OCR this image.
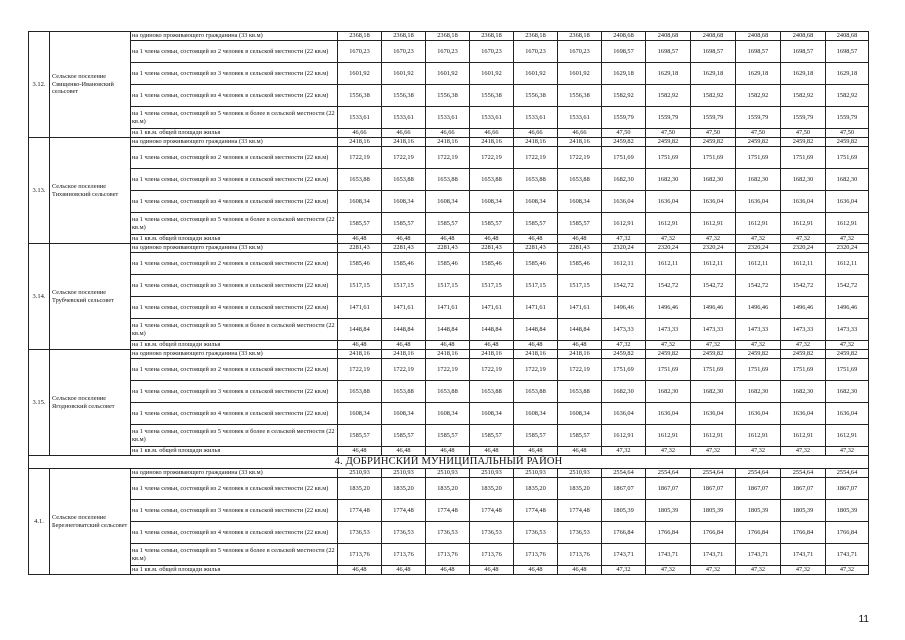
3.12.	Сельское поселение Свищенко-Ивановский сельсовет	на одиноко проживающего гражданина (33 кв.м)	2368,18	2368,18	2368,18	2368,18	2368,18	2368,18	2408,68	2408,68	2408,68	2408,68	2408,68	2408,68
		на 1 члена семьи, состоящей из 2 человек в сельской местности (22 кв.м)	1670,23	1670,23	1670,23	1670,23	1670,23	1670,23	1698,57	1698,57	1698,57	1698,57	1698,57	1698,57
		на 1 члена семьи, состоящей из 3 человек в сельской местности (22 кв.м)	1601,92	1601,92	1601,92	1601,92	1601,92	1601,92	1629,18	1629,18	1629,18	1629,18	1629,18	1629,18
		на 1 члена семьи, состоящей из 4 человек в сельской местности (22 кв.м)	1556,38	1556,38	1556,38	1556,38	1556,38	1556,38	1582,92	1582,92	1582,92	1582,92	1582,92	1582,92
		на 1 члена семьи, состоящей из 5 человек и более в сельской местности (22 кв.м)	1533,61	1533,61	1533,61	1533,61	1533,61	1533,61	1559,79	1559,79	1559,79	1559,79	1559,79	1559,79
		на 1 кв.м. общей площади жилья	46,66	46,66	46,66	46,66	46,66	46,66	47,50	47,50	47,50	47,50	47,50	47,50
3.13.	Сельское поселение Тихвиновский сельсовет	на одиноко проживающего гражданина (33 кв.м)	2418,16	2418,16	2418,16	2418,16	2418,16	2418,16	2459,82	2459,82	2459,82	2459,82	2459,82	2459,82
		на 1 члена семьи, состоящей из 2 человек в сельской местности (22 кв.м)	1722,19	1722,19	1722,19	1722,19	1722,19	1722,19	1751,69	1751,69	1751,69	1751,69	1751,69	1751,69
		на 1 члена семьи, состоящей из 3 человек в сельской местности (22 кв.м)	1653,88	1653,88	1653,88	1653,88	1653,88	1653,88	1682,30	1682,30	1682,30	1682,30	1682,30	1682,30
		на 1 члена семьи, состоящей из 4 человек в сельской местности (22 кв.м)	1608,34	1608,34	1608,34	1608,34	1608,34	1608,34	1636,04	1636,04	1636,04	1636,04	1636,04	1636,04
		на 1 члена семьи, состоящей из 5 человек и более в сельской местности (22 кв.м)	1585,57	1585,57	1585,57	1585,57	1585,57	1585,57	1612,91	1612,91	1612,91	1612,91	1612,91	1612,91
		на 1 кв.м. общей площади жилья	46,48	46,48	46,48	46,48	46,48	46,48	47,32	47,32	47,32	47,32	47,32	47,32
3.14.	Сельское поселение Трубчевский сельсовет	на одиноко проживающего гражданина (33 кв.м)	2281,43	2281,43	2281,43	2281,43	2281,43	2281,43	2320,24	2320,24	2320,24	2320,24	2320,24	2320,24
		на 1 члена семьи, состоящей из 2 человек в сельской местности (22 кв.м)	1585,46	1585,46	1585,46	1585,46	1585,46	1585,46	1612,11	1612,11	1612,11	1612,11	1612,11	1612,11
		на 1 члена семьи, состоящей из 3 человек в сельской местности (22 кв.м)	1517,15	1517,15	1517,15	1517,15	1517,15	1517,15	1542,72	1542,72	1542,72	1542,72	1542,72	1542,72
		на 1 члена семьи, состоящей из 4 человек в сельской местности (22 кв.м)	1471,61	1471,61	1471,61	1471,61	1471,61	1471,61	1496,46	1496,46	1496,46	1496,46	1496,46	1496,46
		на 1 члена семьи, состоящей из 5 человек и более в сельской местности (22 кв.м)	1448,84	1448,84	1448,84	1448,84	1448,84	1448,84	1473,33	1473,33	1473,33	1473,33	1473,33	1473,33
		на 1 кв.м. общей площади жилья	46,48	46,48	46,48	46,48	46,48	46,48	47,32	47,32	47,32	47,32	47,32	47,32
3.15.	Сельское поселение Ягодновский сельсовет	на одиноко проживающего гражданина (33 кв.м)	2418,16	2418,16	2418,16	2418,16	2418,16	2418,16	2459,82	2459,82	2459,82	2459,82	2459,82	2459,82
		на 1 члена семьи, состоящей из 2 человек в сельской местности (22 кв.м)	1722,19	1722,19	1722,19	1722,19	1722,19	1722,19	1751,69	1751,69	1751,69	1751,69	1751,69	1751,69
		на 1 члена семьи, состоящей из 3 человек в сельской местности (22 кв.м)	1653,88	1653,88	1653,88	1653,88	1653,88	1653,88	1682,30	1682,30	1682,30	1682,30	1682,30	1682,30
		на 1 члена семьи, состоящей из 4 человек в сельской местности (22 кв.м)	1608,34	1608,34	1608,34	1608,34	1608,34	1608,34	1636,04	1636,04	1636,04	1636,04	1636,04	1636,04
		на 1 члена семьи, состоящей из 5 человек и более в сельской местности (22 кв.м)	1585,57	1585,57	1585,57	1585,57	1585,57	1585,57	1612,91	1612,91	1612,91	1612,91	1612,91	1612,91
		на 1 кв.м. общей площади жилья	46,48	46,48	46,48	46,48	46,48	46,48	47,32	47,32	47,32	47,32	47,32	47,32
4. ДОБРИНСКИЙ МУНИЦИПАЛЬНЫЙ РАЙОН														
4.1.	Сельское поселение Березнеговатский сельсовет	на одиноко проживающего гражданина (33 кв.м)	2510,93	2510,93	2510,93	2510,93	2510,93	2510,93	2554,64	2554,64	2554,64	2554,64	2554,64	2554,64
		на 1 члена семьи, состоящей из 2 человек в сельской местности (22 кв.м)	1835,20	1835,20	1835,20	1835,20	1835,20	1835,20	1867,07	1867,07	1867,07	1867,07	1867,07	1867,07
		на 1 члена семьи, состоящей из 3 человек в сельской местности (22 кв.м)	1774,48	1774,48	1774,48	1774,48	1774,48	1774,48	1805,39	1805,39	1805,39	1805,39	1805,39	1805,39
		на 1 члена семьи, состоящей из 4 человек в сельской местности (22 кв.м)	1736,53	1736,53	1736,53	1736,53	1736,53	1736,53	1766,84	1766,84	1766,84	1766,84	1766,84	1766,84
		на 1 члена семьи, состоящей из 5 человек и более в сельской местности (22 кв.м)	1713,76	1713,76	1713,76	1713,76	1713,76	1713,76	1743,71	1743,71	1743,71	1743,71	1743,71	1743,71
		на 1 кв.м. общей площади жилья	46,48	46,48	46,48	46,48	46,48	46,48	47,32	47,32	47,32	47,32	47,32	47,32
11
